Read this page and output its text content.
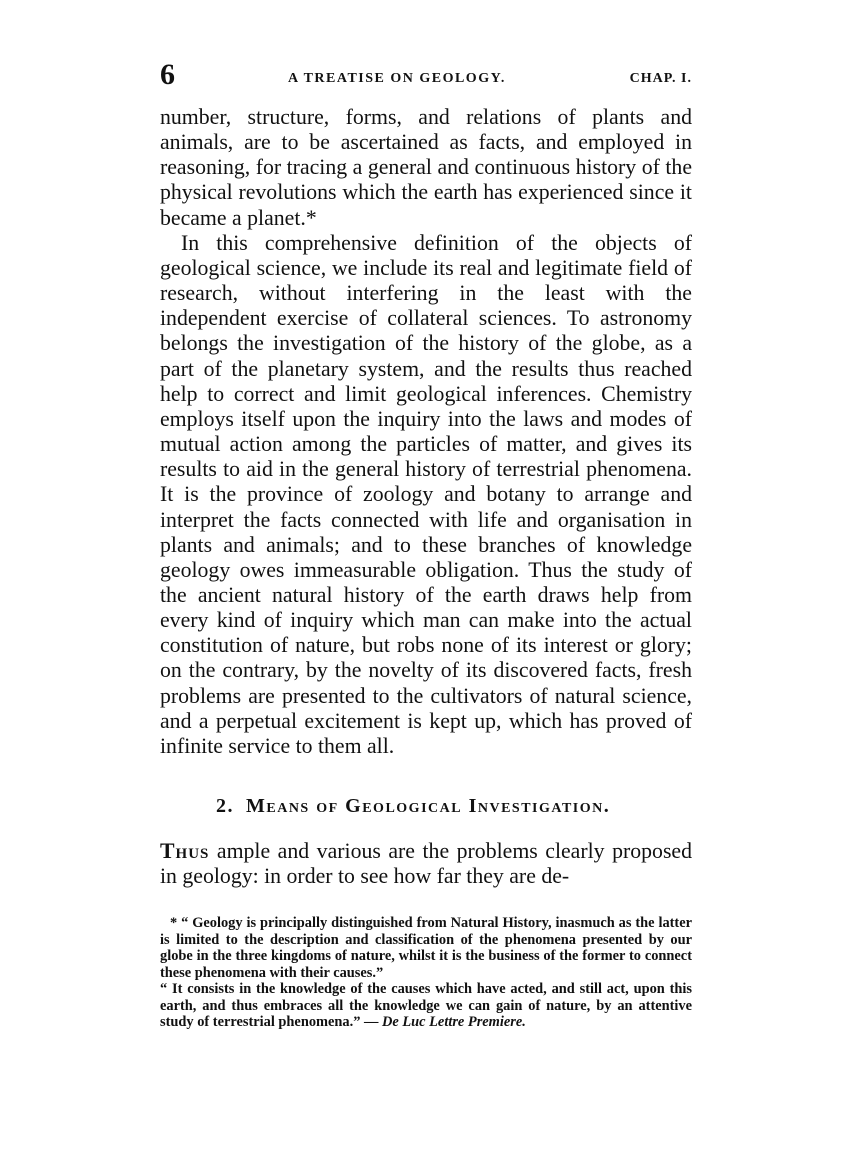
6	A TREATISE ON GEOLOGY.	CHAP. I.

number, structure, forms, and relations of plants and animals, are to be ascertained as facts, and employed in reasoning, for tracing a general and continuous history of the physical revolutions which the earth has experienced since it became a planet.*

In this comprehensive definition of the objects of geological science, we include its real and legitimate field of research, without interfering in the least with the independent exercise of collateral sciences. To astronomy belongs the investigation of the history of the globe, as a part of the planetary system, and the results thus reached help to correct and limit geological inferences. Chemistry employs itself upon the inquiry into the laws and modes of mutual action among the particles of matter, and gives its results to aid in the general history of terrestrial phenomena. It is the province of zoology and botany to arrange and interpret the facts connected with life and organisation in plants and animals; and to these branches of knowledge geology owes immeasurable obligation. Thus the study of the ancient natural history of the earth draws help from every kind of inquiry which man can make into the actual constitution of nature, but robs none of its interest or glory; on the contrary, by the novelty of its discovered facts, fresh problems are presented to the cultivators of natural science, and a perpetual excitement is kept up, which has proved of infinite service to them all.

2. Means of Geological Investigation.

Thus ample and various are the problems clearly proposed in geology: in order to see how far they are de-

* “ Geology is principally distinguished from Natural History, inasmuch as the latter is limited to the description and classification of the phenomena presented by our globe in the three kingdoms of nature, whilst it is the business of the former to connect these phenomena with their causes.”

“ It consists in the knowledge of the causes which have acted, and still act, upon this earth, and thus embraces all the knowledge we can gain of nature, by an attentive study of terrestrial phenomena.” — De Luc Lettre Premiere.
